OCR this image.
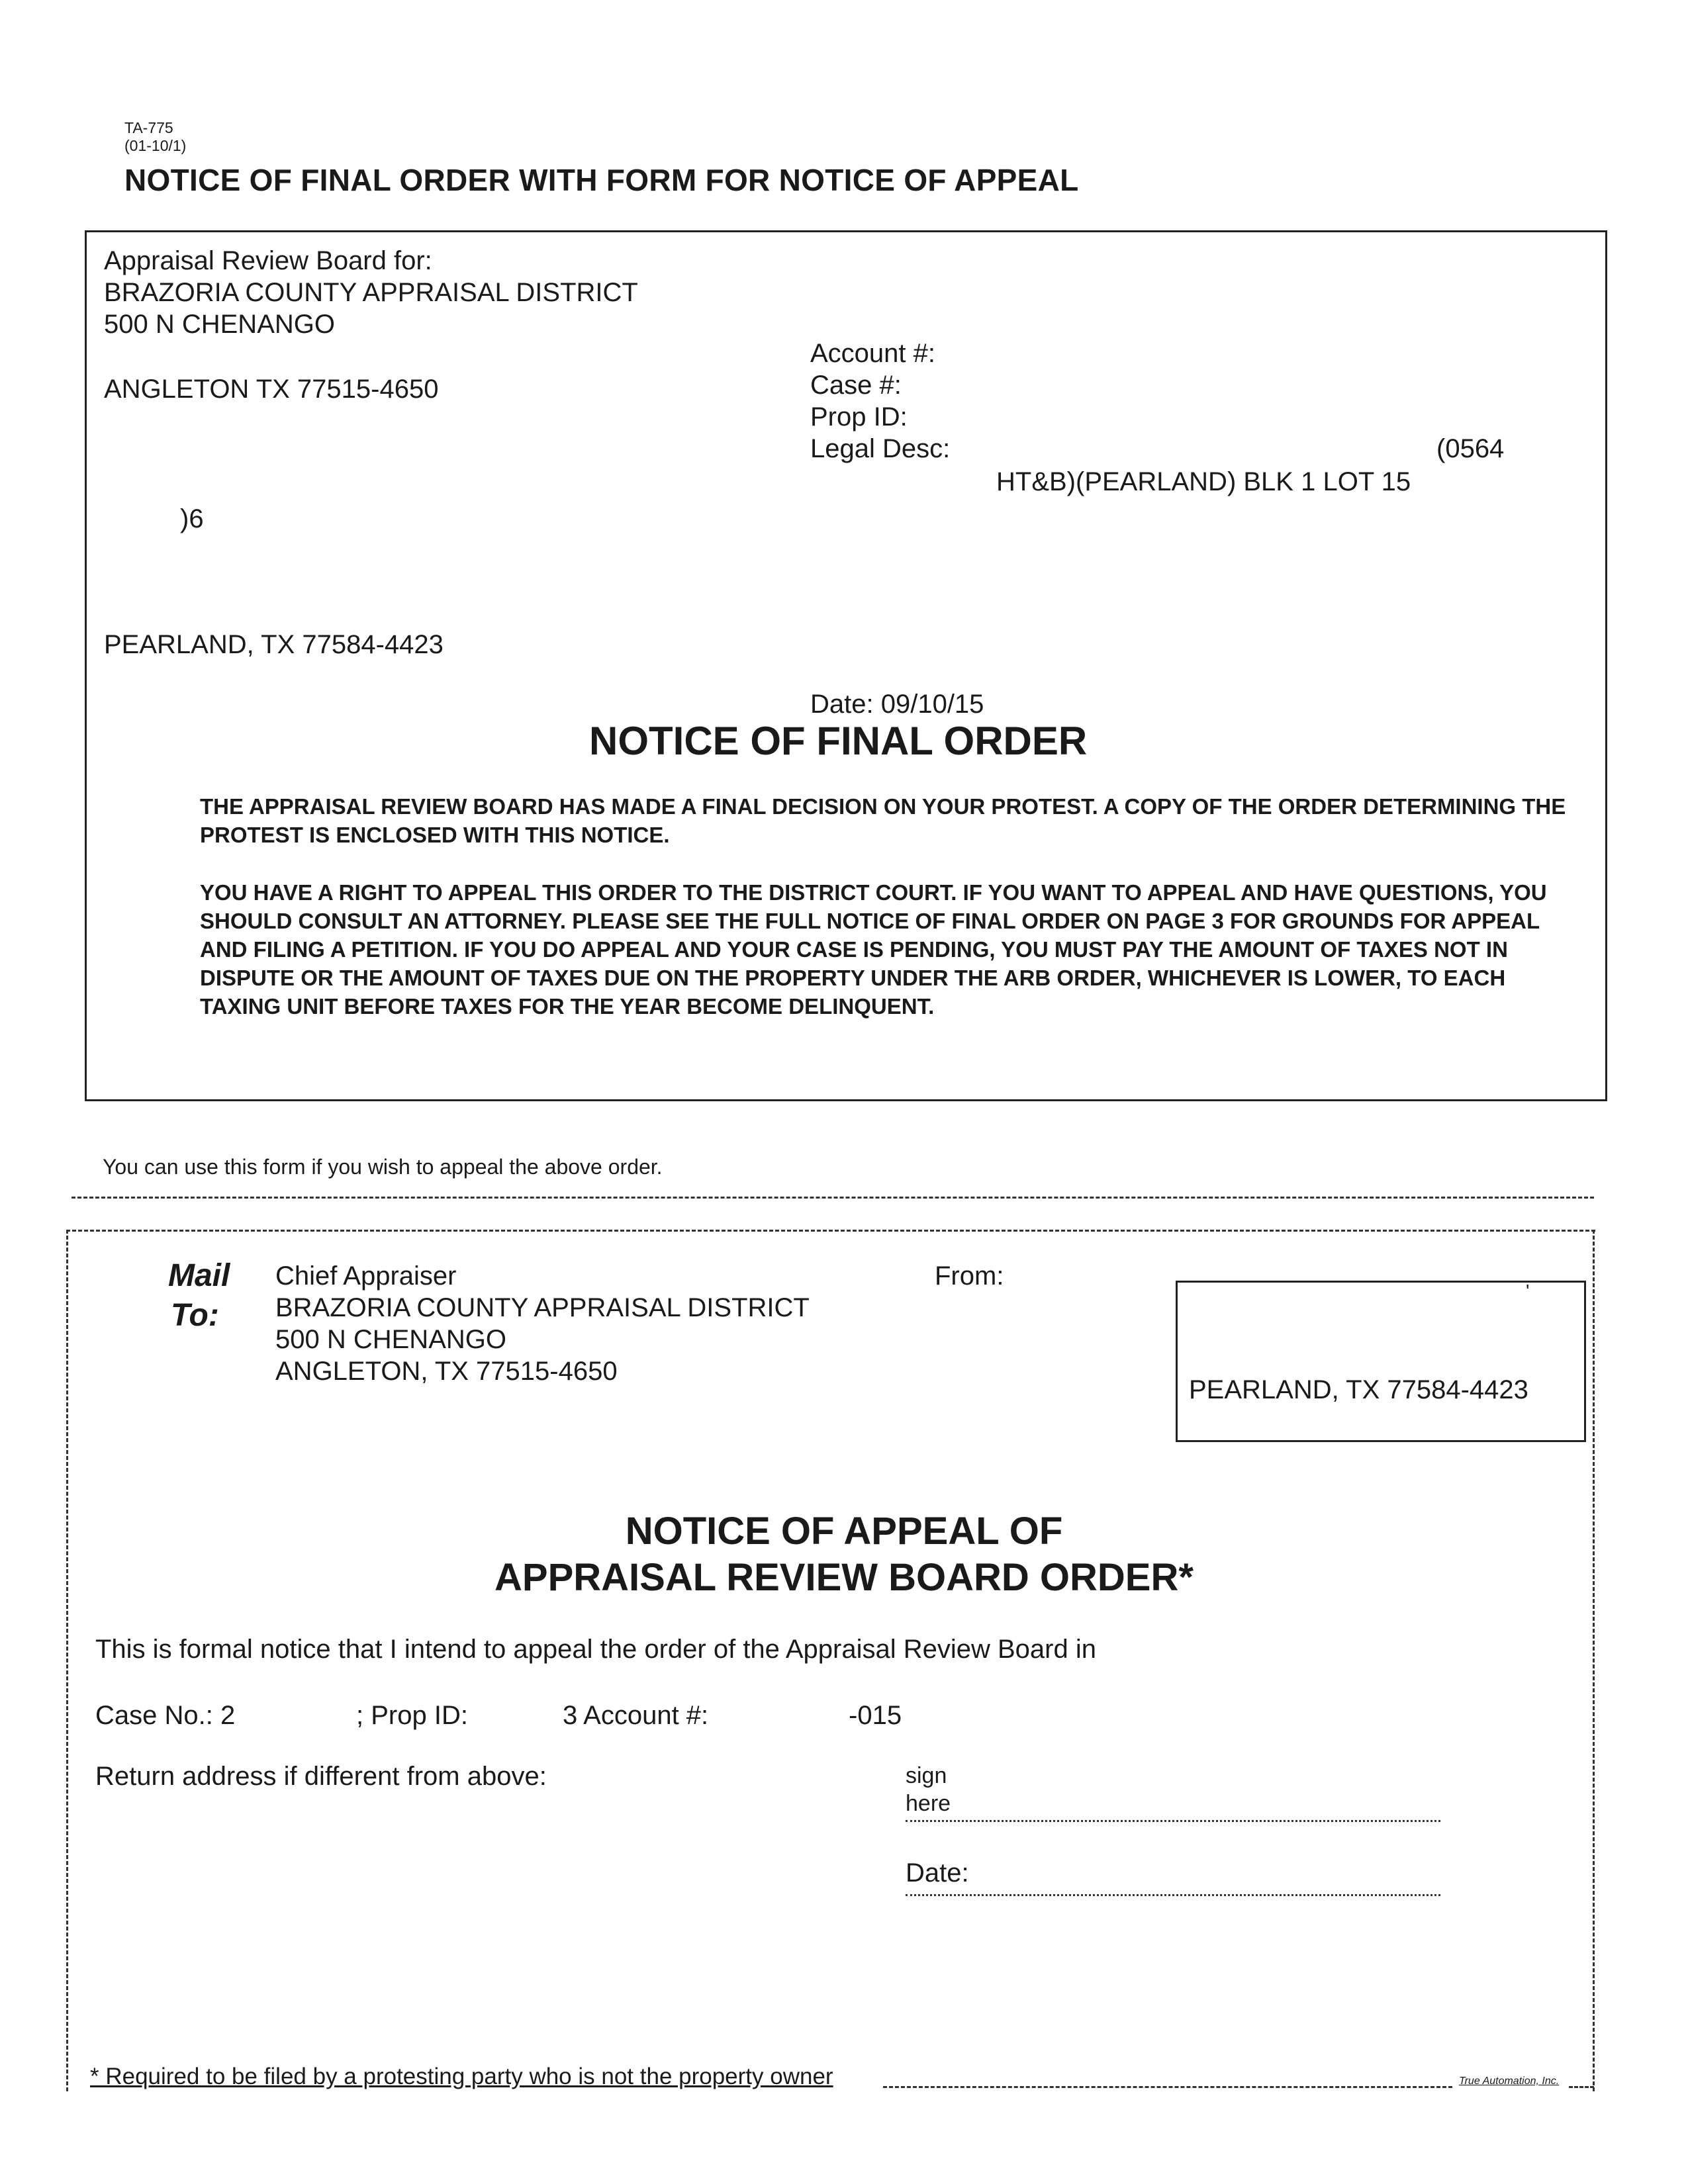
TA-775
(01-10/1)
NOTICE OF FINAL ORDER WITH FORM FOR NOTICE OF APPEAL
Appraisal Review Board for:
BRAZORIA COUNTY APPRAISAL DISTRICT
500 N CHENANGO
ANGLETON TX 77515-4650
Account #:
Case #:
Prop ID:
Legal Desc:	(0564
HT&B)(PEARLAND) BLK 1 LOT 15
)6
PEARLAND, TX 77584-4423
Date: 09/10/15
NOTICE OF FINAL ORDER
THE APPRAISAL REVIEW BOARD HAS MADE A FINAL DECISION ON YOUR PROTEST. A COPY OF THE ORDER DETERMINING THE PROTEST IS ENCLOSED WITH THIS NOTICE.
YOU HAVE A RIGHT TO APPEAL THIS ORDER TO THE DISTRICT COURT. IF YOU WANT TO APPEAL AND HAVE QUESTIONS, YOU SHOULD CONSULT AN ATTORNEY. PLEASE SEE THE FULL NOTICE OF FINAL ORDER ON PAGE 3 FOR GROUNDS FOR APPEAL AND FILING A PETITION. IF YOU DO APPEAL AND YOUR CASE IS PENDING, YOU MUST PAY THE AMOUNT OF TAXES NOT IN DISPUTE OR THE AMOUNT OF TAXES DUE ON THE PROPERTY UNDER THE ARB ORDER, WHICHEVER IS LOWER, TO EACH TAXING UNIT BEFORE TAXES FOR THE YEAR BECOME DELINQUENT.
You can use this form if you wish to appeal the above order.
Mail
To:
Chief Appraiser
BRAZORIA COUNTY APPRAISAL DISTRICT
500 N CHENANGO
ANGLETON, TX 77515-4650
From:
'
PEARLAND, TX 77584-4423
NOTICE OF APPEAL OF
APPRAISAL REVIEW BOARD ORDER*
This is formal notice that I intend to appeal the order of the Appraisal Review Board in
Case No.: 2	; Prop ID:	3 Account #:	-015
Return address if different from above:	sign
here
Date:
* Required to be filed by a protesting party who is not the property owner	True Automation, Inc.
